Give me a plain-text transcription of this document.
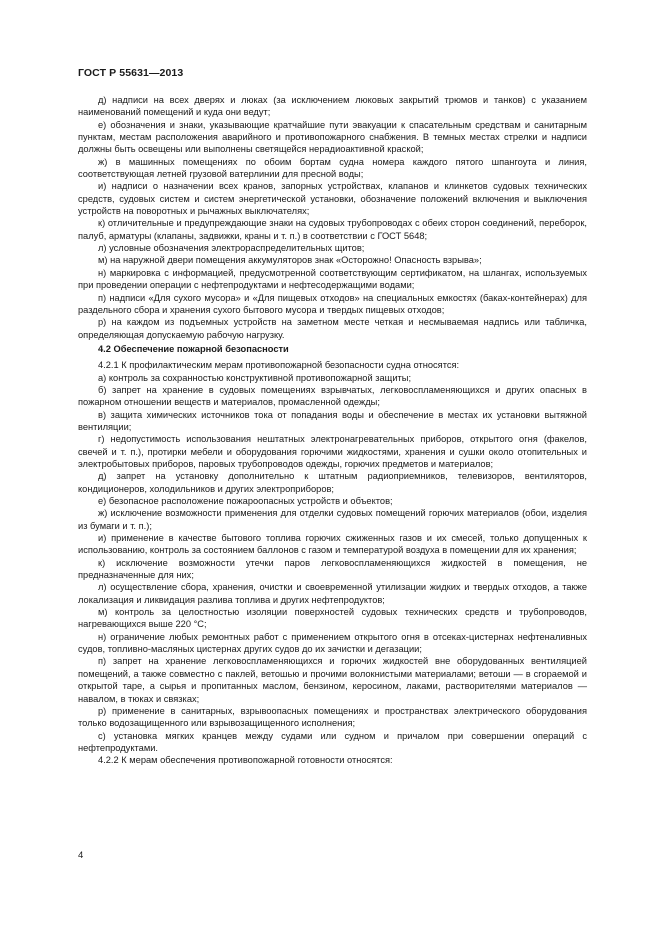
ГОСТ Р 55631—2013

д) надписи на всех дверях и люках (за исключением люковых закрытий трюмов и танков) с указанием наименований помещений и куда они ведут;

е) обозначения и знаки, указывающие кратчайшие пути эвакуации к спасательным средствам и санитарным пунктам, местам расположения аварийного и противопожарного снабжения. В темных местах стрелки и надписи должны быть освещены или выполнены светящейся нерадиоактивной краской;

ж) в машинных помещениях по обоим бортам судна номера каждого пятого шпангоута и линия, соответствующая летней грузовой ватерлинии для пресной воды;

и) надписи о назначении всех кранов, запорных устройствах, клапанов и клинкетов судовых технических средств, судовых систем и систем энергетической установки, обозначение положений включения и выключения устройств на поворотных и рычажных выключателях;

к) отличительные и предупреждающие знаки на судовых трубопроводах с обеих сторон соединений, переборок, палуб, арматуры (клапаны, задвижки, краны и т. п.) в соответствии с ГОСТ 5648;

л) условные обозначения электрораспределительных щитов;

м) на наружной двери помещения аккумуляторов знак «Осторожно! Опасность взрыва»;

н) маркировка с информацией, предусмотренной соответствующим сертификатом, на шлангах, используемых при проведении операции с нефтепродуктами и нефтесодержащими водами;

п) надписи «Для сухого мусора» и «Для пищевых отходов» на специальных емкостях (баках-контейнерах) для раздельного сбора и хранения сухого бытового мусора и твердых пищевых отходов;

р) на каждом из подъемных устройств на заметном месте четкая и несмываемая надпись или табличка, определяющая допускаемую рабочую нагрузку.

4.2 Обеспечение пожарной безопасности

4.2.1 К профилактическим мерам противопожарной безопасности судна относятся:

а) контроль за сохранностью конструктивной противопожарной защиты;

б) запрет на хранение в судовых помещениях взрывчатых, легковоспламеняющихся и других опасных в пожарном отношении веществ и материалов, промасленной одежды;

в) защита химических источников тока от попадания воды и обеспечение в местах их установки вытяжной вентиляции;

г) недопустимость использования нештатных электронагревательных приборов, открытого огня (факелов, свечей и т. п.), протирки мебели и оборудования горючими жидкостями, хранения и сушки около отопительных и электробытовых приборов, паровых трубопроводов одежды, горючих предметов и материалов;

д) запрет на установку дополнительно к штатным радиоприемников, телевизоров, вентиляторов, кондиционеров, холодильников и других электроприборов;

е) безопасное расположение пожароопасных устройств и объектов;

ж) исключение возможности применения для отделки судовых помещений горючих материалов (обои, изделия из бумаги и т. п.);

и) применение в качестве бытового топлива горючих сжиженных газов и их смесей, только допущенных к использованию, контроль за состоянием баллонов с газом и температурой воздуха в помещении для их хранения;

к) исключение возможности утечки паров легковоспламеняющихся жидкостей в помещения, не предназначенные для них;

л) осуществление сбора, хранения, очистки и своевременной утилизации жидких и твердых отходов, а также локализация и ликвидация разлива топлива и других нефтепродуктов;

м) контроль за целостностью изоляции поверхностей судовых технических средств и трубопроводов, нагревающихся выше 220 °С;

н) ограничение любых ремонтных работ с применением открытого огня в отсеках-цистернах нефтеналивных судов, топливно-масляных цистернах других судов до их зачистки и дегазации;

п) запрет на хранение легковоспламеняющихся и горючих жидкостей вне оборудованных вентиляцией помещений, а также совместно с паклей, ветошью и прочими волокнистыми материалами; ветоши — в сгораемой и открытой таре, а сырья и пропитанных маслом, бензином, керосином, лаками, растворителями материалов — навалом, в тюках и связках;

р) применение в санитарных, взрывоопасных помещениях и пространствах электрического оборудования только водозащищенного или взрывозащищенного исполнения;

с) установка мягких кранцев между судами или судном и причалом при совершении операций с нефтепродуктами.

4.2.2 К мерам обеспечения противопожарной готовности относятся:

4
